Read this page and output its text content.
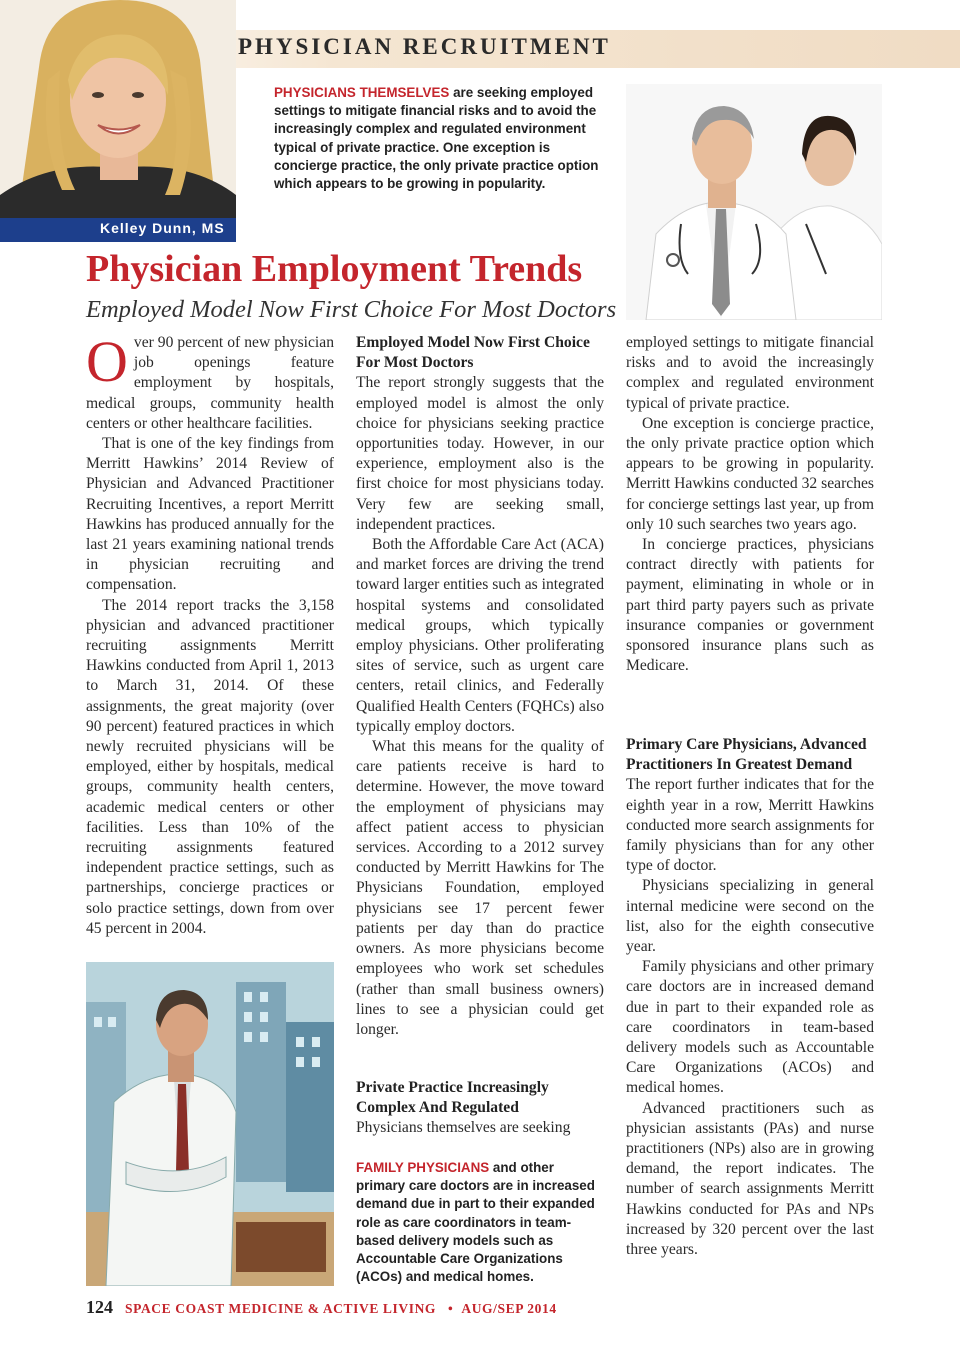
PHYSICIAN RECRUITMENT
Kelley Dunn, MS
PHYSICIANS THEMSELVES are seeking employed settings to mitigate financial risks and to avoid the increasingly complex and regulated environment typical of private practice. One exception is concierge practice, the only private practice option which appears to be growing in popularity.
Physician Employment Trends
Employed Model Now First Choice For Most Doctors

Over 90 percent of new physician job openings feature employment by hospitals, medical groups, community health centers or other healthcare facilities.

That is one of the key findings from Merritt Hawkins’ 2014 Review of Physician and Advanced Practitioner Recruiting Incentives, a report Merritt Hawkins has produced annually for the last 21 years examining national trends in physician recruiting and compensation.

The 2014 report tracks the 3,158 physician and advanced practitioner recruiting assignments Merritt Hawkins conducted from April 1, 2013 to March 31, 2014. Of these assignments, the great majority (over 90 percent) featured practices in which newly recruited physicians will be employed, either by hospitals, medical groups, community health centers, academic medical centers or other facilities. Less than 10% of the recruiting assignments featured independent practice settings, such as partnerships, concierge practices or solo practice settings, down from over 45 percent in 2004.

Employed Model Now First Choice For Most Doctors

The report strongly suggests that the employed model is almost the only choice for physicians seeking practice opportunities today. However, in our experience, employment also is the first choice for most physicians today. Very few are seeking small, independent practices.

Both the Affordable Care Act (ACA) and market forces are driving the trend toward larger entities such as integrated hospital systems and consolidated medical groups, which typically employ physicians. Other proliferating sites of service, such as urgent care centers, retail clinics, and Federally Qualified Health Centers (FQHCs) also typically employ doctors.

What this means for the quality of care patients receive is hard to determine. However, the move toward the employment of physicians may affect patient access to physician services. According to a 2012 survey conducted by Merritt Hawkins for The Physicians Foundation, employed physicians see 17 percent fewer patients per day than do practice owners. As more physicians become employees who work set schedules (rather than small business owners) lines to see a physician could get longer.

Private Practice Increasingly Complex And Regulated

Physicians themselves are seeking

FAMILY PHYSICIANS and other primary care doctors are in increased demand due in part to their expanded role as care coordinators in team-based delivery models such as Accountable Care Organizations (ACOs) and medical homes.

employed settings to mitigate financial risks and to avoid the increasingly complex and regulated environment typical of private practice.

One exception is concierge practice, the only private practice option which appears to be growing in popularity. Merritt Hawkins conducted 32 searches for concierge settings last year, up from only 10 such searches two years ago.

In concierge practices, physicians contract directly with patients for payment, eliminating in whole or in part third party payers such as private insurance companies or government sponsored insurance plans such as Medicare.

Primary Care Physicians, Advanced Practitioners In Greatest Demand

The report further indicates that for the eighth year in a row, Merritt Hawkins conducted more search assignments for family physicians than for any other type of doctor.

Physicians specializing in general internal medicine were second on the list, also for the eighth consecutive year.

Family physicians and other primary care doctors are in increased demand due in part to their expanded role as care coordinators in team-based delivery models such as Accountable Care Organizations (ACOs) and medical homes.

Advanced practitioners such as physician assistants (PAs) and nurse practitioners (NPs) also are in growing demand, the report indicates. The number of search assignments Merritt Hawkins conducted for PAs and NPs increased by 320 percent over the last three years.

124 SPACE COAST MEDICINE & ACTIVE LIVING • AUG/SEP 2014
